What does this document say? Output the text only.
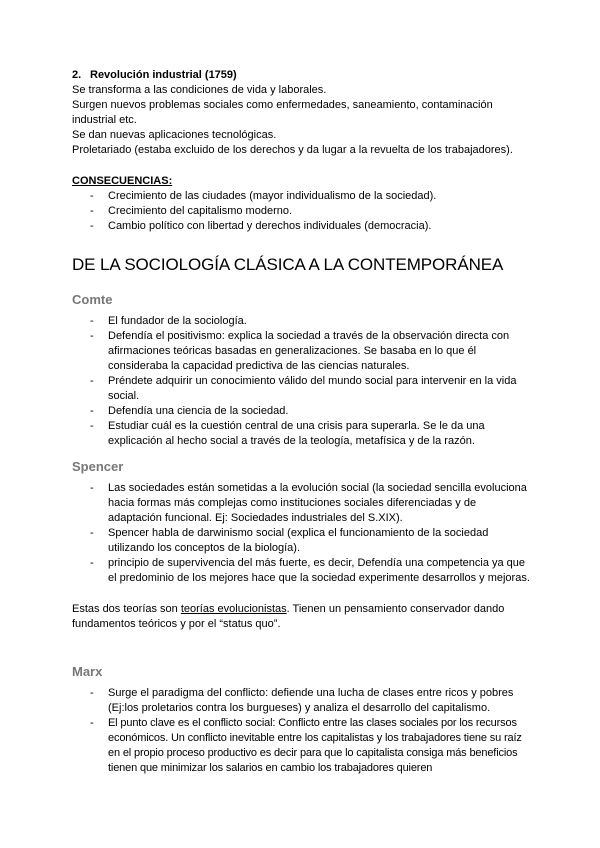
2. Revolución industrial (1759)

Se transforma a las condiciones de vida y laborales.

Surgen nuevos problemas sociales como enfermedades, saneamiento, contaminación industrial etc.

Se dan nuevas aplicaciones tecnológicas.

Proletariado (estaba excluido de los derechos y da lugar a la revuelta de los trabajadores).

CONSECUENCIAS:

- Crecimiento de las ciudades (mayor individualismo de la sociedad).
- Crecimiento del capitalismo moderno.
- Cambio político con libertad y derechos individuales (democracia).
DE LA SOCIOLOGÍA CLÁSICA A LA CONTEMPORÁNEA
Comte
- El fundador de la sociología.
- Defendía el positivismo: explica la sociedad a través de la observación directa con afirmaciones teóricas basadas en generalizaciones. Se basaba en lo que él consideraba la capacidad predictiva de las ciencias naturales.
- Préndete adquirir un conocimiento válido del mundo social para intervenir en la vida social.
- Defendía una ciencia de la sociedad.
- Estudiar cuál es la cuestión central de una crisis para superarla. Se le da una explicación al hecho social a través de la teología, metafísica y de la razón.
Spencer
- Las sociedades están sometidas a la evolución social (la sociedad sencilla evoluciona hacia formas más complejas como instituciones sociales diferenciadas y de adaptación funcional. Ej: Sociedades industriales del S.XIX).
- Spencer habla de darwinismo social (explica el funcionamiento de la sociedad utilizando los conceptos de la biología).
- principio de supervivencia del más fuerte, es decir, Defendía una competencia ya que el predominio de los mejores hace que la sociedad experimente desarrollos y mejoras.

Estas dos teorías son teorías evolucionistas. Tienen un pensamiento conservador dando fundamentos teóricos y por el “status quo”.

Marx
- Surge el paradigma del conflicto: defiende una lucha de clases entre ricos y pobres (Ej:los proletarios contra los burgueses) y analiza el desarrollo del capitalismo.
- El punto clave es el conflicto social: Conflicto entre las clases sociales por los recursos económicos. Un conflicto inevitable entre los capitalistas y los trabajadores tiene su raíz en el propio proceso productivo es decir para que lo capitalista consiga más beneficios tienen que minimizar los salarios en cambio los trabajadores quieren
